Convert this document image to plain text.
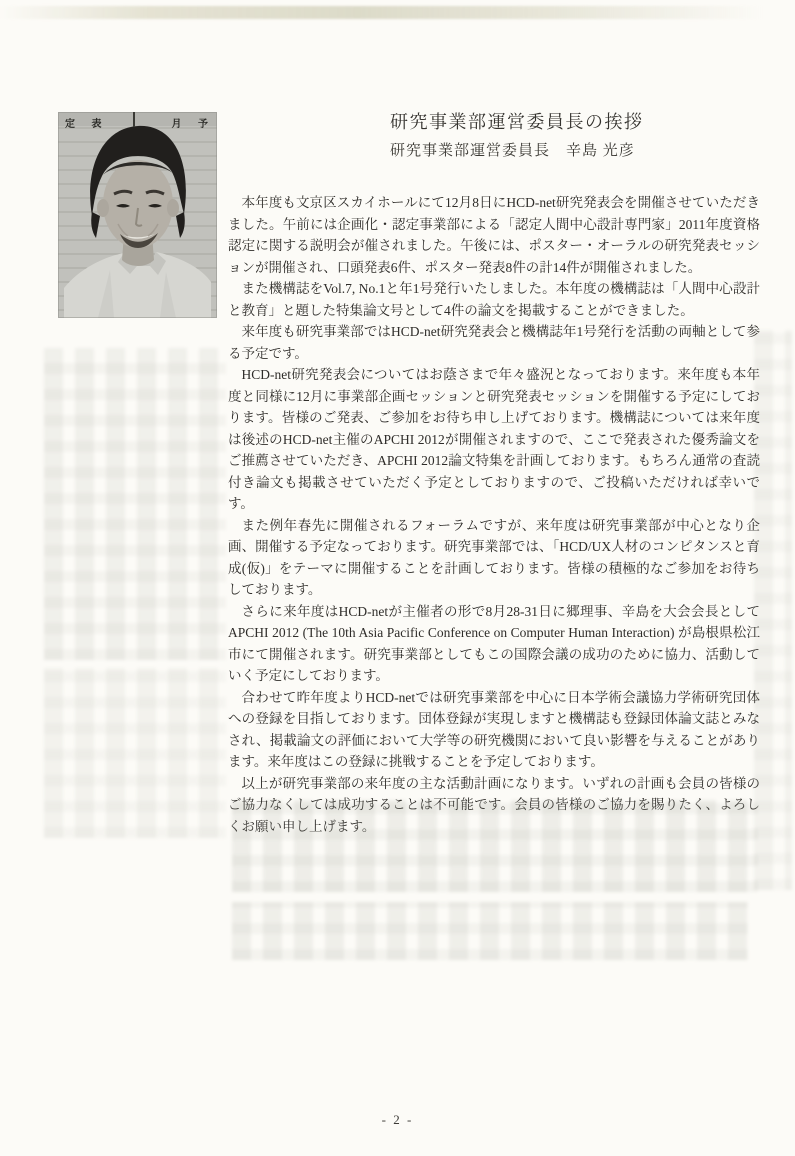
定 表	月 予	研究事業部運営委員長の挨拶
研究事業部運営委員長　辛島 光彦

本年度も文京区スカイホールにて12月8日にHCD-net研究発表会を開催させていただきました。午前には企画化・認定事業部による「認定人間中心設計専門家」2011年度資格認定に関する説明会が催されました。午後には、ポスター・オーラルの研究発表セッションが開催され、口頭発表6件、ポスター発表8件の計14件が開催されました。

また機構誌をVol.7, No.1と年1号発行いたしました。本年度の機構誌は「人間中心設計と教育」と題した特集論文号として4件の論文を掲載することができました。

来年度も研究事業部ではHCD-net研究発表会と機構誌年1号発行を活動の両軸として参る予定です。

HCD-net研究発表会についてはお蔭さまで年々盛況となっております。来年度も本年度と同様に12月に事業部企画セッションと研究発表セッションを開催する予定にしております。皆様のご発表、ご参加をお待ち申し上げております。機構誌については来年度は後述のHCD-net主催のAPCHI 2012が開催されますので、ここで発表された優秀論文をご推薦させていただき、APCHI 2012論文特集を計画しております。もちろん通常の査読付き論文も掲載させていただく予定としておりますので、ご投稿いただければ幸いです。

また例年春先に開催されるフォーラムですが、来年度は研究事業部が中心となり企画、開催する予定なっております。研究事業部では、「HCD/UX人材のコンピタンスと育成(仮)」をテーマに開催することを計画しております。皆様の積極的なご参加をお待ちしております。

さらに来年度はHCD-netが主催者の形で8月28-31日に郷理事、辛島を大会会長としてAPCHI 2012 (The 10th Asia Pacific Conference on Computer Human Interaction) が島根県松江市にて開催されます。研究事業部としてもこの国際会議の成功のために協力、活動していく予定にしております。

合わせて昨年度よりHCD-netでは研究事業部を中心に日本学術会議協力学術研究団体への登録を目指しております。団体登録が実現しますと機構誌も登録団体論文誌とみなされ、掲載論文の評価において大学等の研究機関において良い影響を与えることがあります。来年度はこの登録に挑戦することを予定しております。

以上が研究事業部の来年度の主な活動計画になります。いずれの計画も会員の皆様のご協力なくしては成功することは不可能です。会員の皆様のご協力を賜りたく、よろしくお願い申し上げます。

- 2 -
